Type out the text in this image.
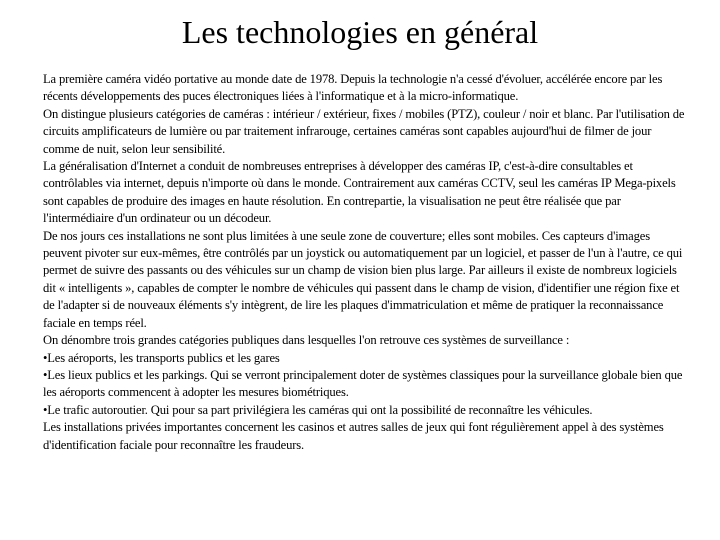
Les technologies en général

La première caméra vidéo portative au monde date de 1978. Depuis la technologie n'a cessé d'évoluer, accélérée encore par les récents développements des puces électroniques liées à l'informatique et à la micro-informatique.

On distingue plusieurs catégories de caméras : intérieur / extérieur, fixes / mobiles (PTZ), couleur / noir et blanc. Par l'utilisation de circuits amplificateurs de lumière ou par traitement infrarouge, certaines caméras sont capables aujourd'hui de filmer de jour comme de nuit, selon leur sensibilité.

La généralisation d'Internet a conduit de nombreuses entreprises à développer des caméras IP, c'est-à-dire consultables et contrôlables via internet, depuis n'importe où dans le monde. Contrairement aux caméras CCTV, seul les caméras IP Mega-pixels sont capables de produire des images en haute résolution. En contrepartie, la visualisation ne peut être réalisée que par l'intermédiaire d'un ordinateur ou un décodeur.

De nos jours ces installations ne sont plus limitées à une seule zone de couverture; elles sont mobiles. Ces capteurs d'images peuvent pivoter sur eux-mêmes, être contrôlés par un joystick ou automatiquement par un logiciel, et passer de l'un à l'autre, ce qui permet de suivre des passants ou des véhicules sur un champ de vision bien plus large. Par ailleurs il existe de nombreux logiciels dit « intelligents », capables de compter le nombre de véhicules qui passent dans le champ de vision, d'identifier une région fixe et de l'adapter si de nouveaux éléments s'y intègrent, de lire les plaques d'immatriculation et même de pratiquer la reconnaissance faciale en temps réel.

On dénombre trois grandes catégories publiques dans lesquelles l'on retrouve ces systèmes de surveillance :

•Les aéroports, les transports publics et les gares

•Les lieux publics et les parkings. Qui se verront principalement doter de systèmes classiques pour la surveillance globale bien que les aéroports commencent à adopter les mesures biométriques.

•Le trafic autoroutier. Qui pour sa part privilégiera les caméras qui ont la possibilité de reconnaître les véhicules.

Les installations privées importantes concernent les casinos et autres salles de jeux qui font régulièrement appel à des systèmes d'identification faciale pour reconnaître les fraudeurs.
